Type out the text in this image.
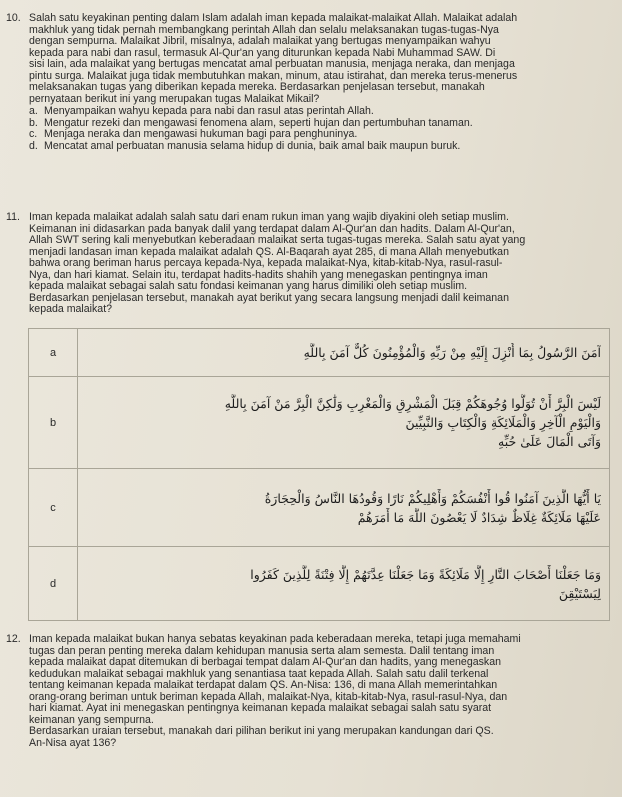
10. Salah satu keyakinan penting dalam Islam adalah iman kepada malaikat-malaikat Allah. Malaikat adalah
makhluk yang tidak pernah membangkang perintah Allah dan selalu melaksanakan tugas-tugas-Nya
dengan sempurna. Malaikat Jibril, misalnya, adalah malaikat yang bertugas menyampaikan wahyu
kepada para nabi dan rasul, termasuk Al-Qur'an yang diturunkan kepada Nabi Muhammad SAW. Di
sisi lain, ada malaikat yang bertugas mencatat amal perbuatan manusia, menjaga neraka, dan menjaga
pintu surga. Malaikat juga tidak membutuhkan makan, minum, atau istirahat, dan mereka terus-menerus
melaksanakan tugas yang diberikan kepada mereka. Berdasarkan penjelasan tersebut, manakah
pernyataan berikut ini yang merupakan tugas Malaikat Mikail?
a. Menyampaikan wahyu kepada para nabi dan rasul atas perintah Allah.
b. Mengatur rezeki dan mengawasi fenomena alam, seperti hujan dan pertumbuhan tanaman.
c. Menjaga neraka dan mengawasi hukuman bagi para penghuninya.
d. Mencatat amal perbuatan manusia selama hidup di dunia, baik amal baik maupun buruk.
11. Iman kepada malaikat adalah salah satu dari enam rukun iman yang wajib diyakini oleh setiap muslim.
Keimanan ini didasarkan pada banyak dalil yang terdapat dalam Al-Qur'an dan hadits. Dalam Al-Qur'an,
Allah SWT sering kali menyebutkan keberadaan malaikat serta tugas-tugas mereka. Salah satu ayat yang
menjadi landasan iman kepada malaikat adalah QS. Al-Baqarah ayat 285, di mana Allah menyebutkan
bahwa orang beriman harus percaya kepada-Nya, kepada malaikat-Nya, kitab-kitab-Nya, rasul-rasul-
Nya, dan hari kiamat. Selain itu, terdapat hadits-hadits shahih yang menegaskan pentingnya iman
kepada malaikat sebagai salah satu fondasi keimanan yang harus dimiliki oleh setiap muslim.
Berdasarkan penjelasan tersebut, manakah ayat berikut yang secara langsung menjadi dalil keimanan
kepada malaikat?
a	آمَنَ الرَّسُولُ بِمَا أُنْزِلَ إِلَيْهِ مِنْ رَبِّهِ وَالْمُؤْمِنُونَ كُلٌّ آمَنَ بِاللَّهِ

b	لَيْسَ الْبِرَّ أَنْ تُوَلُّوا وُجُوهَكُمْ قِبَلَ الْمَشْرِقِ وَالْمَغْرِبِ وَلَٰكِنَّ الْبِرَّ مَنْ آمَنَ بِاللَّهِ
وَالْيَوْمِ الْآخِرِ وَالْمَلَائِكَةِ وَالْكِتَابِ وَالنَّبِيِّينَ
وَآتَى الْمَالَ عَلَىٰ حُبِّهِ

c	يَا أَيُّهَا الَّذِينَ آمَنُوا قُوا أَنْفُسَكُمْ وَأَهْلِيكُمْ نَارًا وَقُودُهَا النَّاسُ وَالْحِجَارَةُ
عَلَيْهَا مَلَائِكَةٌ غِلَاظٌ شِدَادٌ لَا يَعْصُونَ اللَّهَ مَا أَمَرَهُمْ

d	وَمَا جَعَلْنَا أَصْحَابَ النَّارِ إِلَّا مَلَائِكَةً وَمَا جَعَلْنَا عِدَّتَهُمْ إِلَّا فِتْنَةً لِلَّذِينَ كَفَرُوا
لِيَسْتَيْقِنَ
12. Iman kepada malaikat bukan hanya sebatas keyakinan pada keberadaan mereka, tetapi juga memahami
tugas dan peran penting mereka dalam kehidupan manusia serta alam semesta. Dalil tentang iman
kepada malaikat dapat ditemukan di berbagai tempat dalam Al-Qur'an dan hadits, yang menegaskan
kedudukan malaikat sebagai makhluk yang senantiasa taat kepada Allah. Salah satu dalil terkenal
tentang keimanan kepada malaikat terdapat dalam QS. An-Nisa: 136, di mana Allah memerintahkan
orang-orang beriman untuk beriman kepada Allah, malaikat-Nya, kitab-kitab-Nya, rasul-rasul-Nya, dan
hari kiamat. Ayat ini menegaskan pentingnya keimanan kepada malaikat sebagai salah satu syarat
keimanan yang sempurna.
Berdasarkan uraian tersebut, manakah dari pilihan berikut ini yang merupakan kandungan dari QS.
An-Nisa ayat 136?
